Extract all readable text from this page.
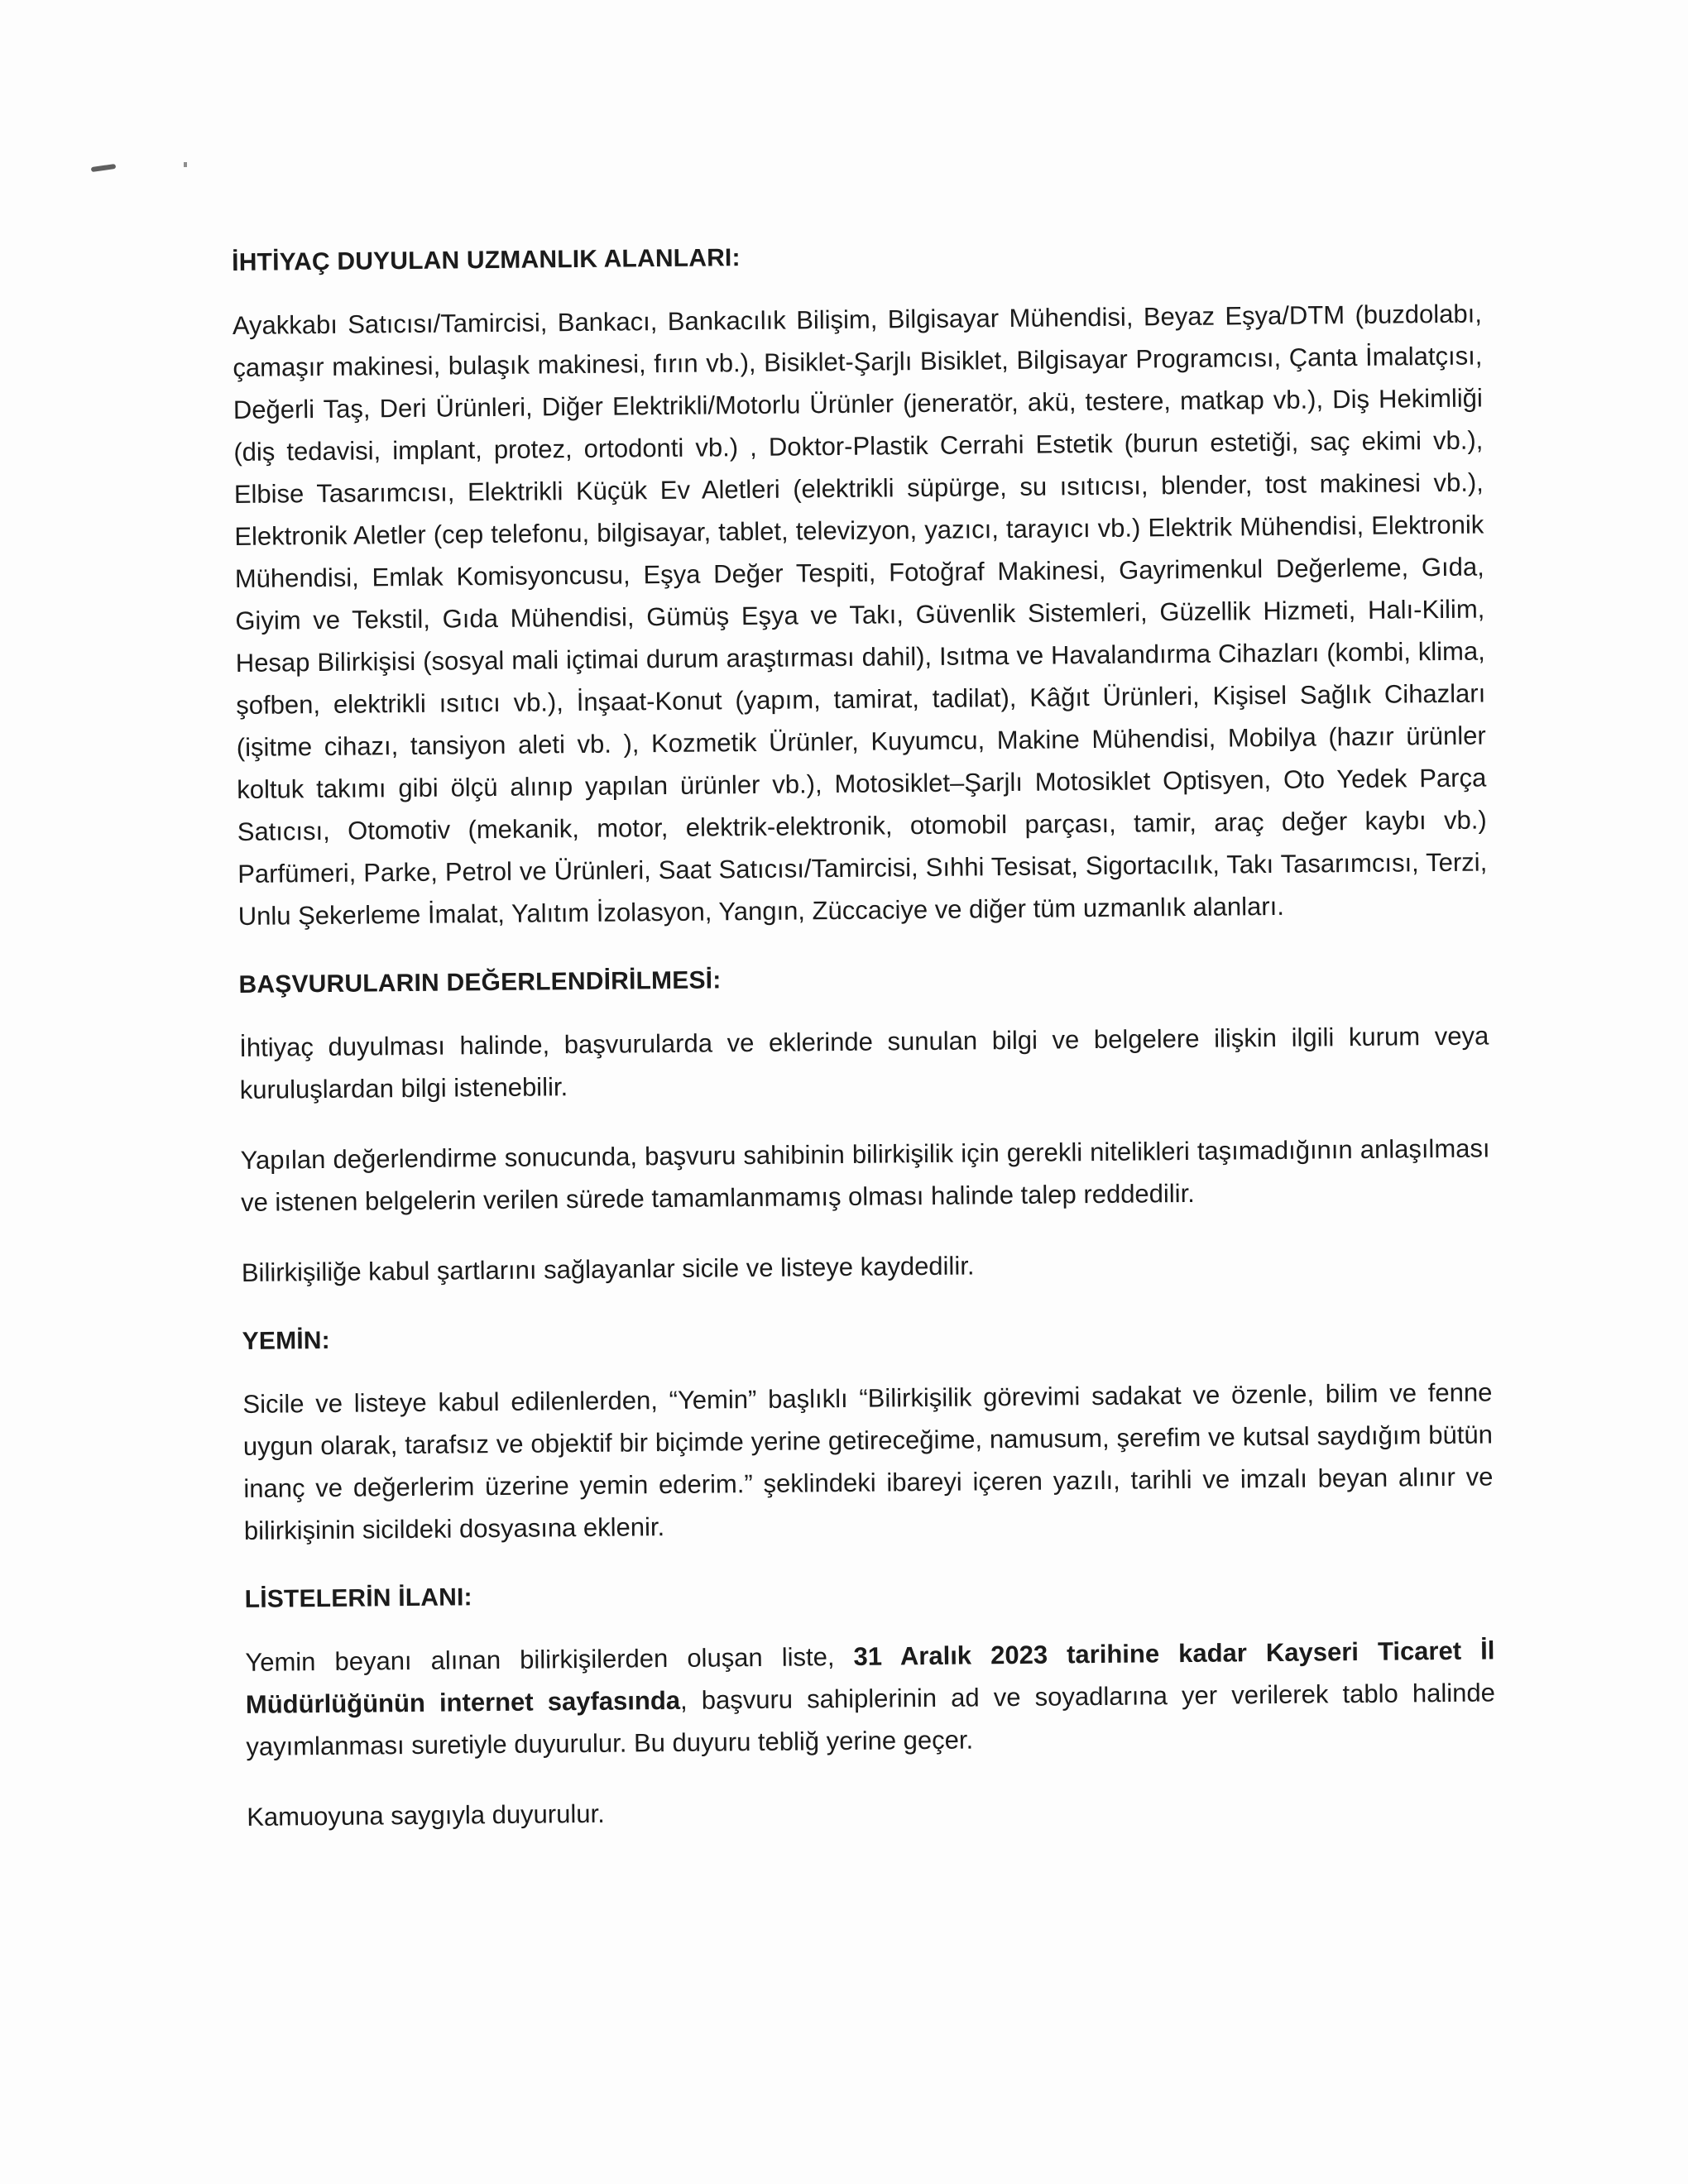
İHTİYAÇ DUYULAN UZMANLIK ALANLARI:

Ayakkabı Satıcısı/Tamircisi, Bankacı, Bankacılık Bilişim, Bilgisayar Mühendisi, Beyaz Eşya/DTM (buzdolabı, çamaşır makinesi, bulaşık makinesi, fırın vb.), Bisiklet-Şarjlı Bisiklet, Bilgisayar Programcısı, Çanta İmalatçısı, Değerli Taş, Deri Ürünleri, Diğer Elektrikli/Motorlu Ürünler (jeneratör, akü, testere, matkap vb.), Diş Hekimliği (diş tedavisi, implant, protez, ortodonti vb.) , Doktor-Plastik Cerrahi Estetik (burun estetiği, saç ekimi vb.), Elbise Tasarımcısı, Elektrikli Küçük Ev Aletleri (elektrikli süpürge, su ısıtıcısı, blender, tost makinesi vb.), Elektronik Aletler (cep telefonu, bilgisayar, tablet, televizyon, yazıcı, tarayıcı vb.) Elektrik Mühendisi, Elektronik Mühendisi, Emlak Komisyoncusu, Eşya Değer Tespiti, Fotoğraf Makinesi, Gayrimenkul Değerleme, Gıda, Giyim ve Tekstil, Gıda Mühendisi, Gümüş Eşya ve Takı, Güvenlik Sistemleri, Güzellik Hizmeti, Halı-Kilim, Hesap Bilirkişisi (sosyal mali içtimai durum araştırması dahil), Isıtma ve Havalandırma Cihazları (kombi, klima, şofben, elektrikli ısıtıcı vb.), İnşaat-Konut (yapım, tamirat, tadilat), Kâğıt Ürünleri, Kişisel Sağlık Cihazları (işitme cihazı, tansiyon aleti vb. ), Kozmetik Ürünler, Kuyumcu, Makine Mühendisi, Mobilya (hazır ürünler koltuk takımı gibi ölçü alınıp yapılan ürünler vb.), Motosiklet–Şarjlı Motosiklet Optisyen, Oto Yedek Parça Satıcısı, Otomotiv (mekanik, motor, elektrik-elektronik, otomobil parçası, tamir, araç değer kaybı vb.) Parfümeri, Parke, Petrol ve Ürünleri, Saat Satıcısı/Tamircisi, Sıhhi Tesisat, Sigortacılık, Takı Tasarımcısı, Terzi, Unlu Şekerleme İmalat, Yalıtım İzolasyon, Yangın, Züccaciye ve diğer tüm uzmanlık alanları.

BAŞVURULARIN DEĞERLENDİRİLMESİ:

İhtiyaç duyulması halinde, başvurularda ve eklerinde sunulan bilgi ve belgelere ilişkin ilgili kurum veya kuruluşlardan bilgi istenebilir.

Yapılan değerlendirme sonucunda, başvuru sahibinin bilirkişilik için gerekli nitelikleri taşımadığının anlaşılması ve istenen belgelerin verilen sürede tamamlanmamış olması halinde talep reddedilir.

Bilirkişiliğe kabul şartlarını sağlayanlar sicile ve listeye kaydedilir.

YEMİN:

Sicile ve listeye kabul edilenlerden, “Yemin” başlıklı “Bilirkişilik görevimi sadakat ve özenle, bilim ve fenne uygun olarak, tarafsız ve objektif bir biçimde yerine getireceğime, namusum, şerefim ve kutsal saydığım bütün inanç ve değerlerim üzerine yemin ederim.” şeklindeki ibareyi içeren yazılı, tarihli ve imzalı beyan alınır ve bilirkişinin sicildeki dosyasına eklenir.

LİSTELERİN İLANI:

Yemin beyanı alınan bilirkişilerden oluşan liste, 31 Aralık 2023 tarihine kadar Kayseri Ticaret İl Müdürlüğünün internet sayfasında, başvuru sahiplerinin ad ve soyadlarına yer verilerek tablo halinde yayımlanması suretiyle duyurulur. Bu duyuru tebliğ yerine geçer.

Kamuoyuna saygıyla duyurulur.
